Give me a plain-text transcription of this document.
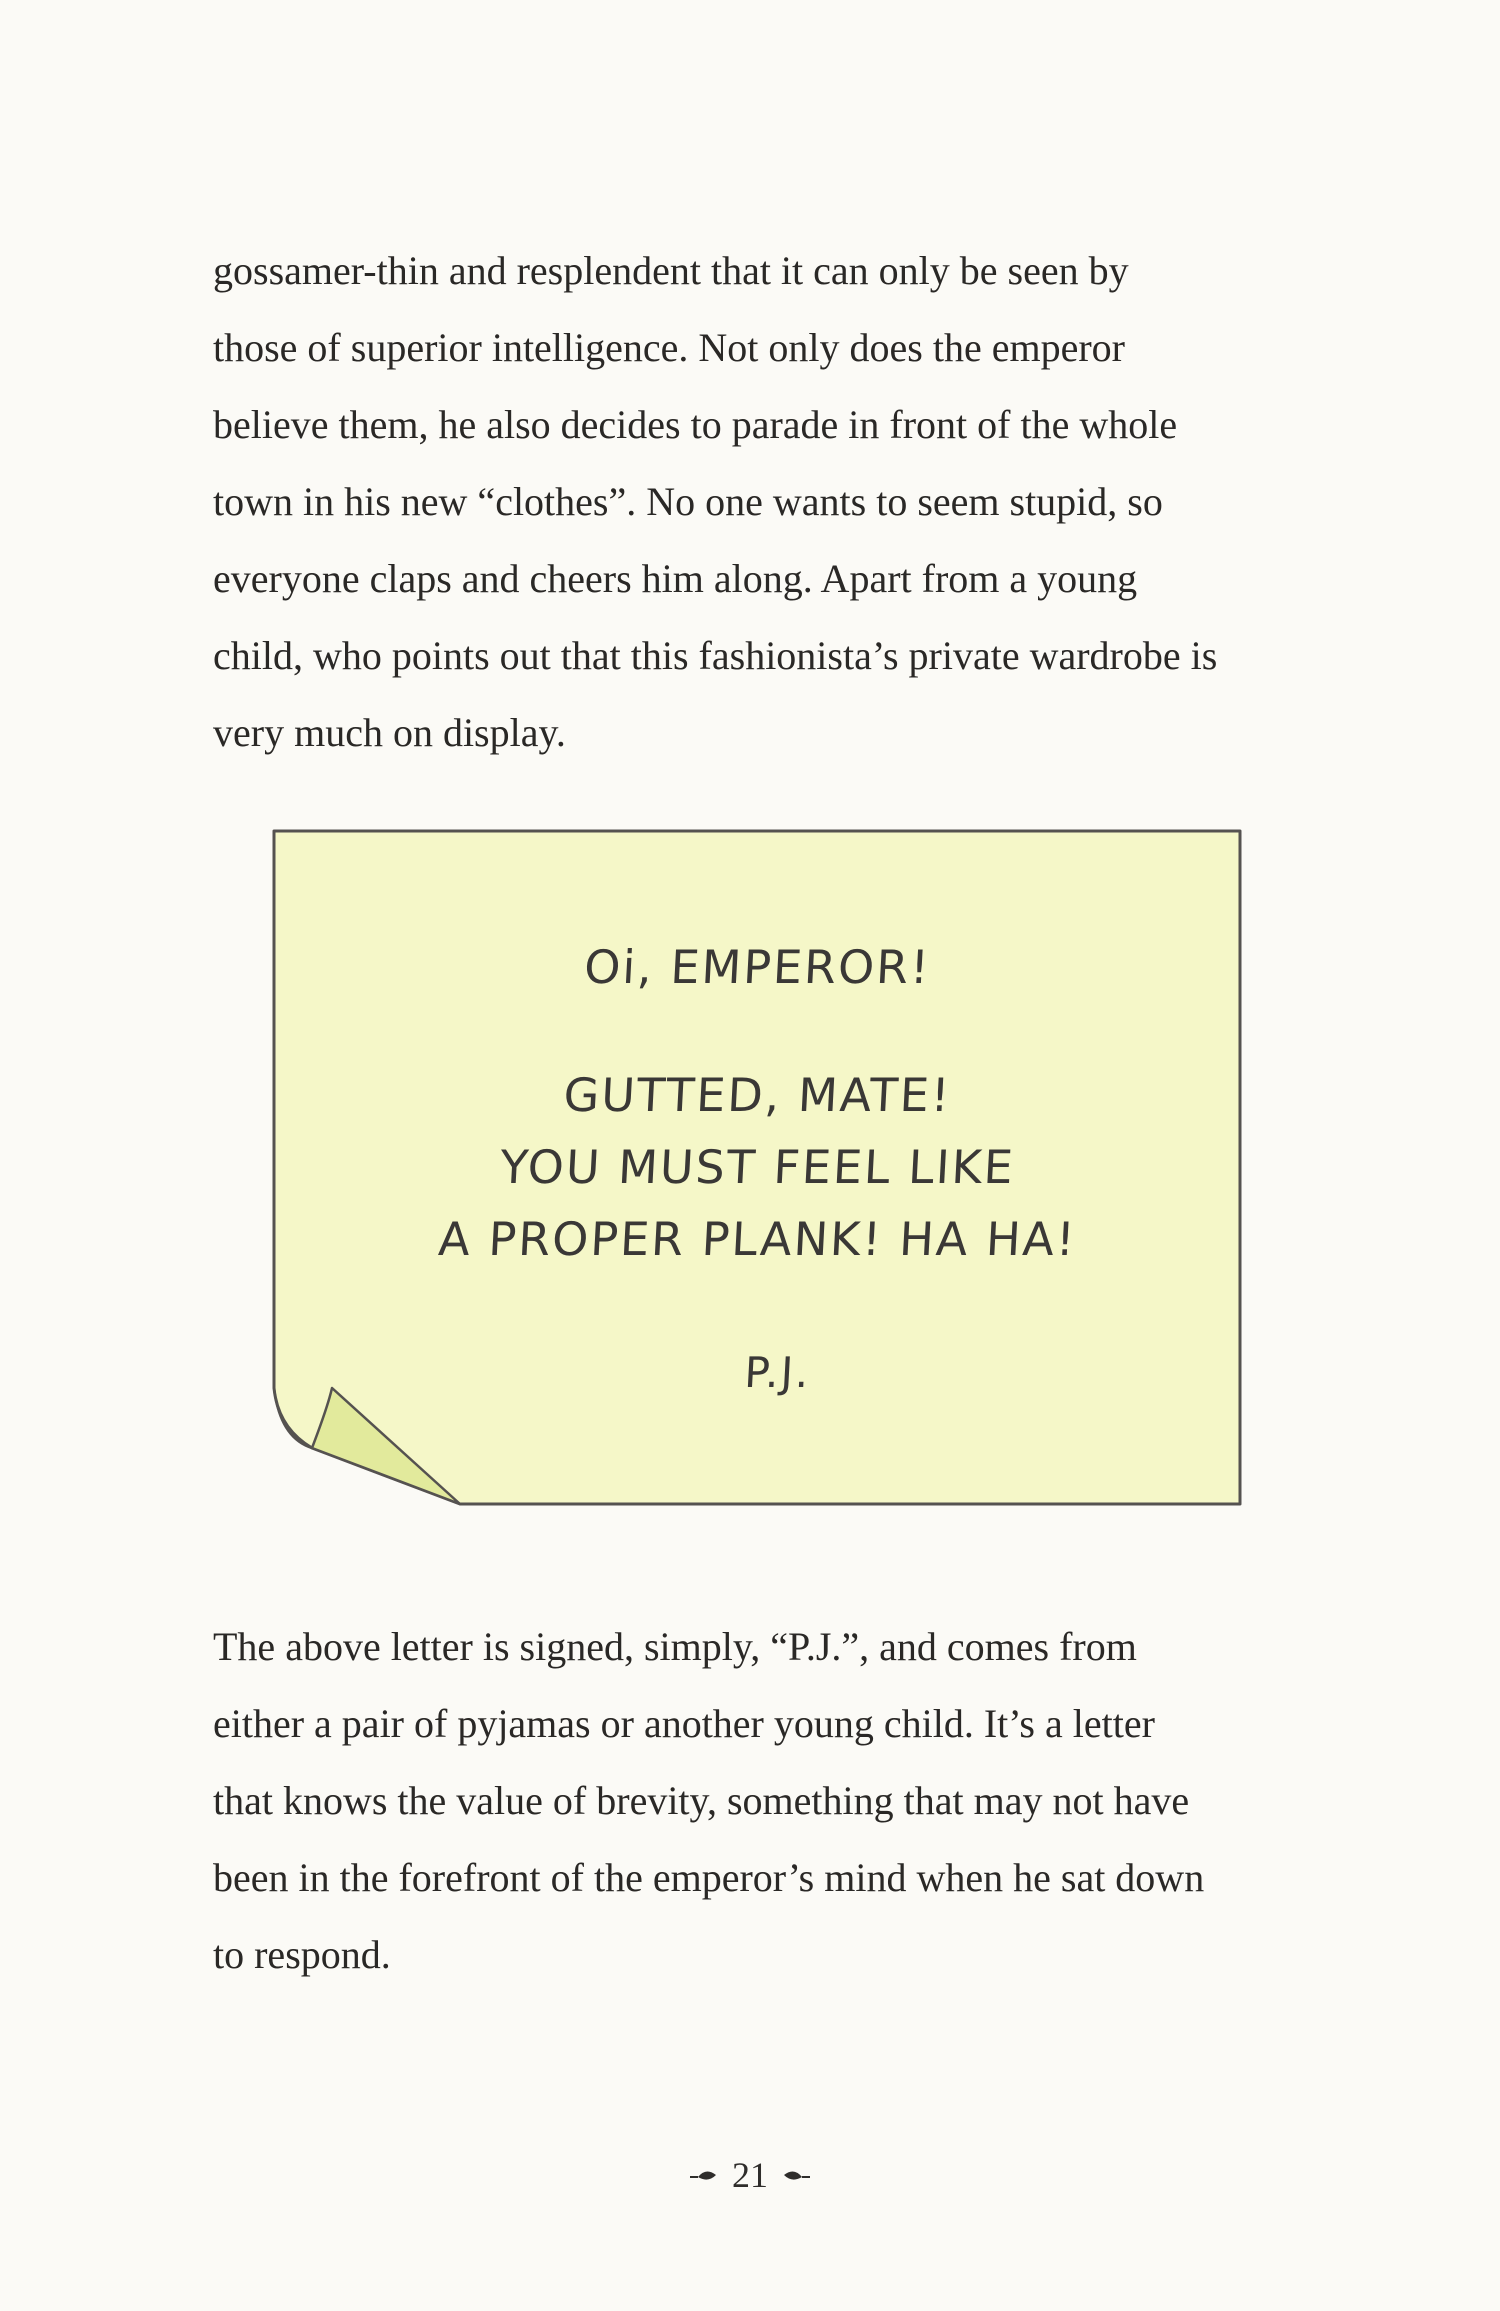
gossamer-thin and resplendent that it can only be seen by
those of superior intelligence. Not only does the emperor
believe them, he also decides to parade in front of the whole
town in his new “clothes”. No one wants to seem stupid, so
everyone claps and cheers him along. Apart from a young
child, who points out that this fashionista’s private wardrobe is
very much on display.

Oi, EMPEROR!
GUTTED, MATE!
YOU MUST FEEL LIKE
A PROPER PLANK! HA HA!
P.J.

The above letter is signed, simply, “P.J.”, and comes from
either a pair of pyjamas or another young child. It’s a letter
that knows the value of brevity, something that may not have
been in the forefront of the emperor’s mind when he sat down
to respond.

21
